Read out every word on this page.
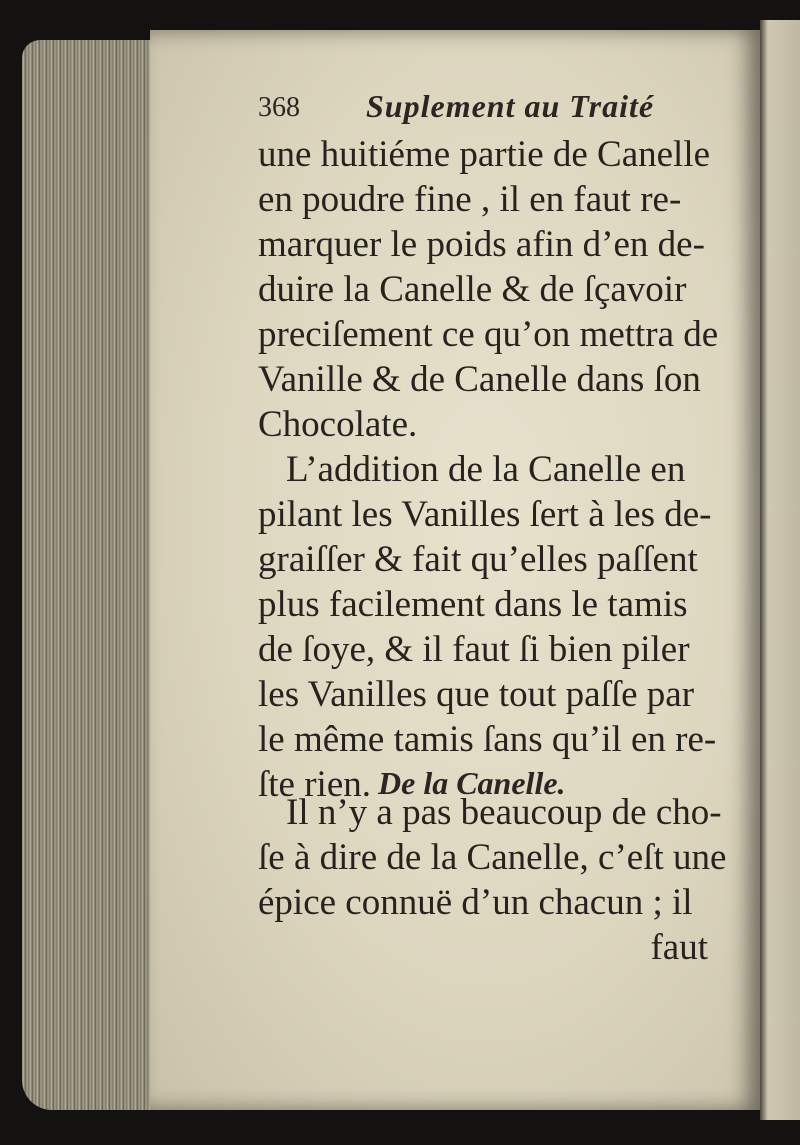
368 Suplement au Traité
une huitiéme partie de Canelle
en poudre fine , il en faut re-
marquer le poids afin d’en de-
duire la Canelle & de ſçavoir
preciſement ce qu’on mettra de
Vanille & de Canelle dans ſon
Chocolate.
L’addition de la Canelle en
pilant les Vanilles ſert à les de-
graiſſer & fait qu’elles paſſent
plus facilement dans le tamis
de ſoye, & il faut ſi bien piler
les Vanilles que tout paſſe par
le même tamis ſans qu’il en re-
ſte rien. De la Canelle.
Il n’y a pas beaucoup de cho-
ſe à dire de la Canelle, c’eſt une
épice connuë d’un chacun ; il
faut
